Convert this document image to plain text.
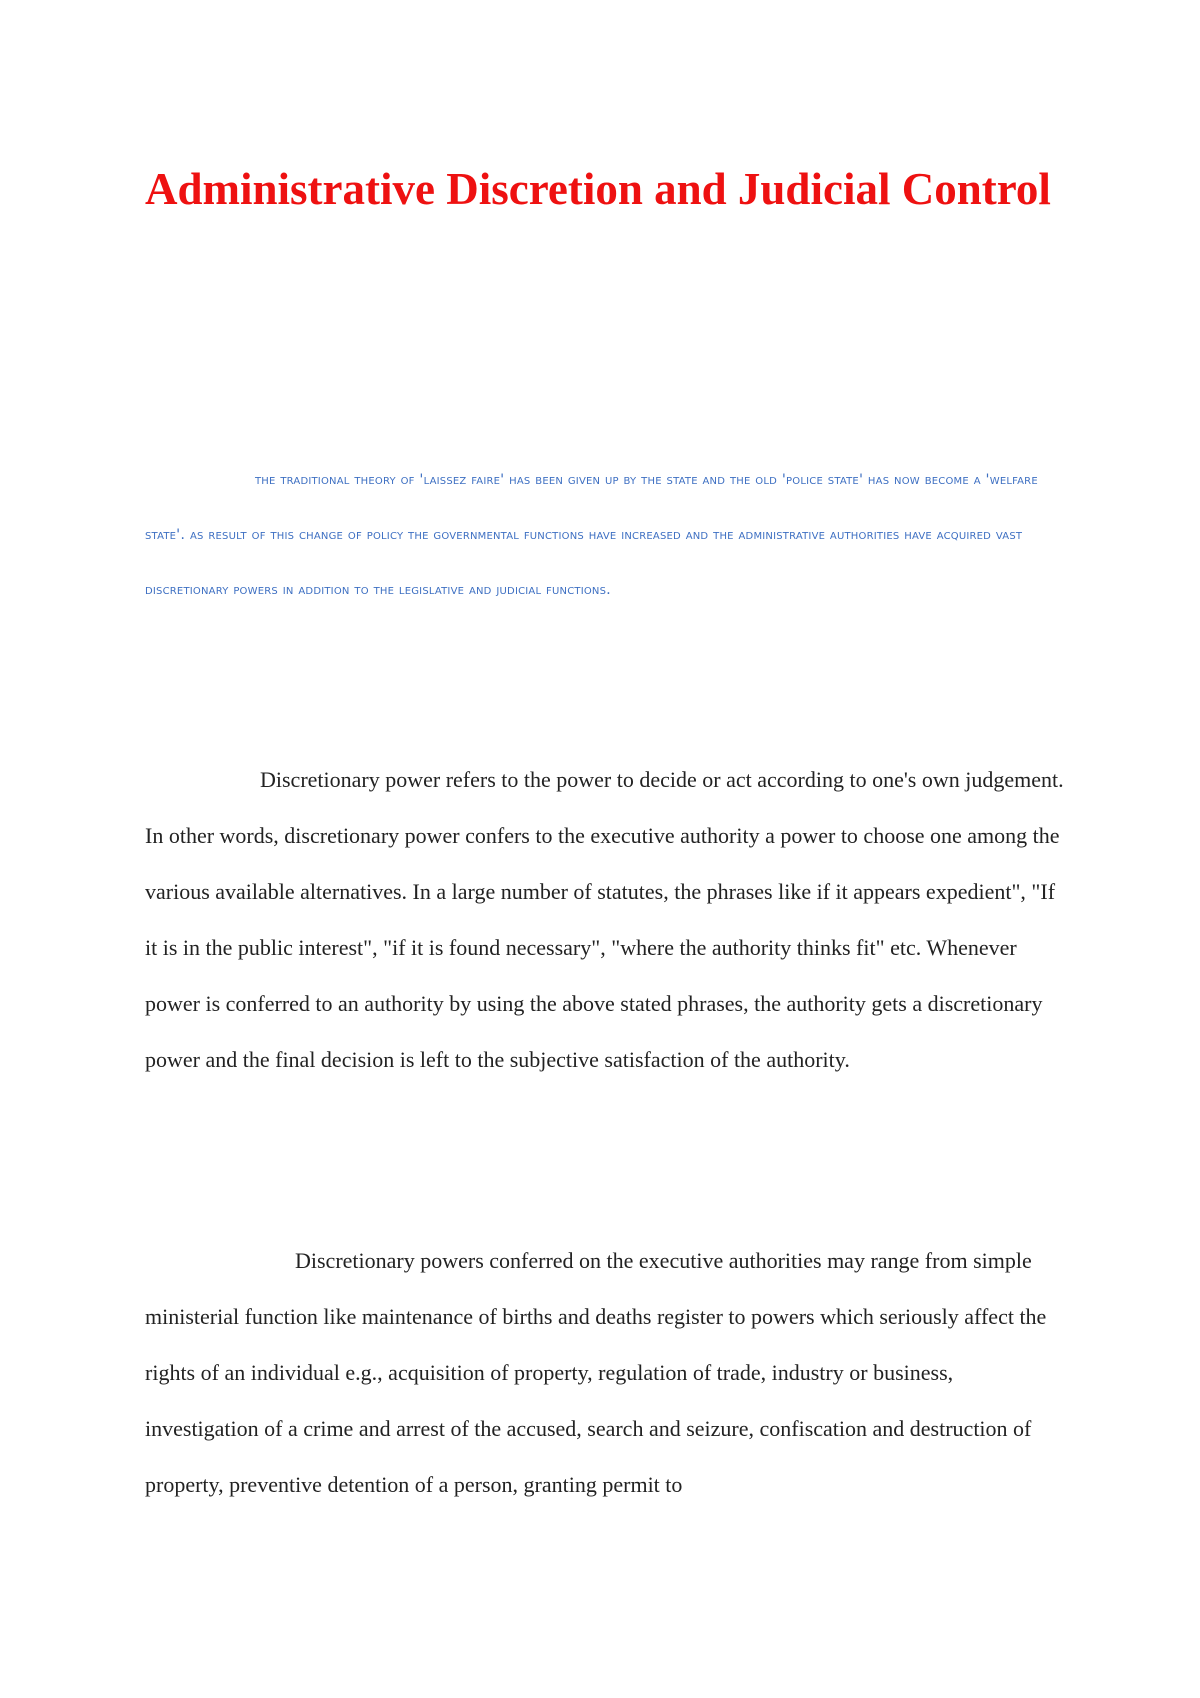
Administrative Discretion and Judicial Control

the traditional theory of 'laissez faire' has been given up by the state and the old 'police state' has now become a 'welfare state'. as result of this change of policy the governmental functions have increased and the administrative authorities have acquired vast discretionary powers in addition to the legislative and judicial functions.

Discretionary power refers to the power to decide or act according to one's own judgement. In other words, discretionary power confers to the executive authority a power to choose one among the various available alternatives. In a large number of statutes, the phrases like if it appears expedient", "If it is in the public interest", "if it is found necessary", "where the authority thinks fit" etc. Whenever power is conferred to an authority by using the above stated phrases, the authority gets a discretionary power and the final decision is left to the subjective satisfaction of the authority.

Discretionary powers conferred on the executive authorities may range from simple ministerial function like maintenance of births and deaths register to powers which seriously affect the rights of an individual e.g., acquisition of property, regulation of trade, industry or business, investigation of a crime and arrest of the accused, search and seizure, confiscation and destruction of property, preventive detention of a person, granting permit to
